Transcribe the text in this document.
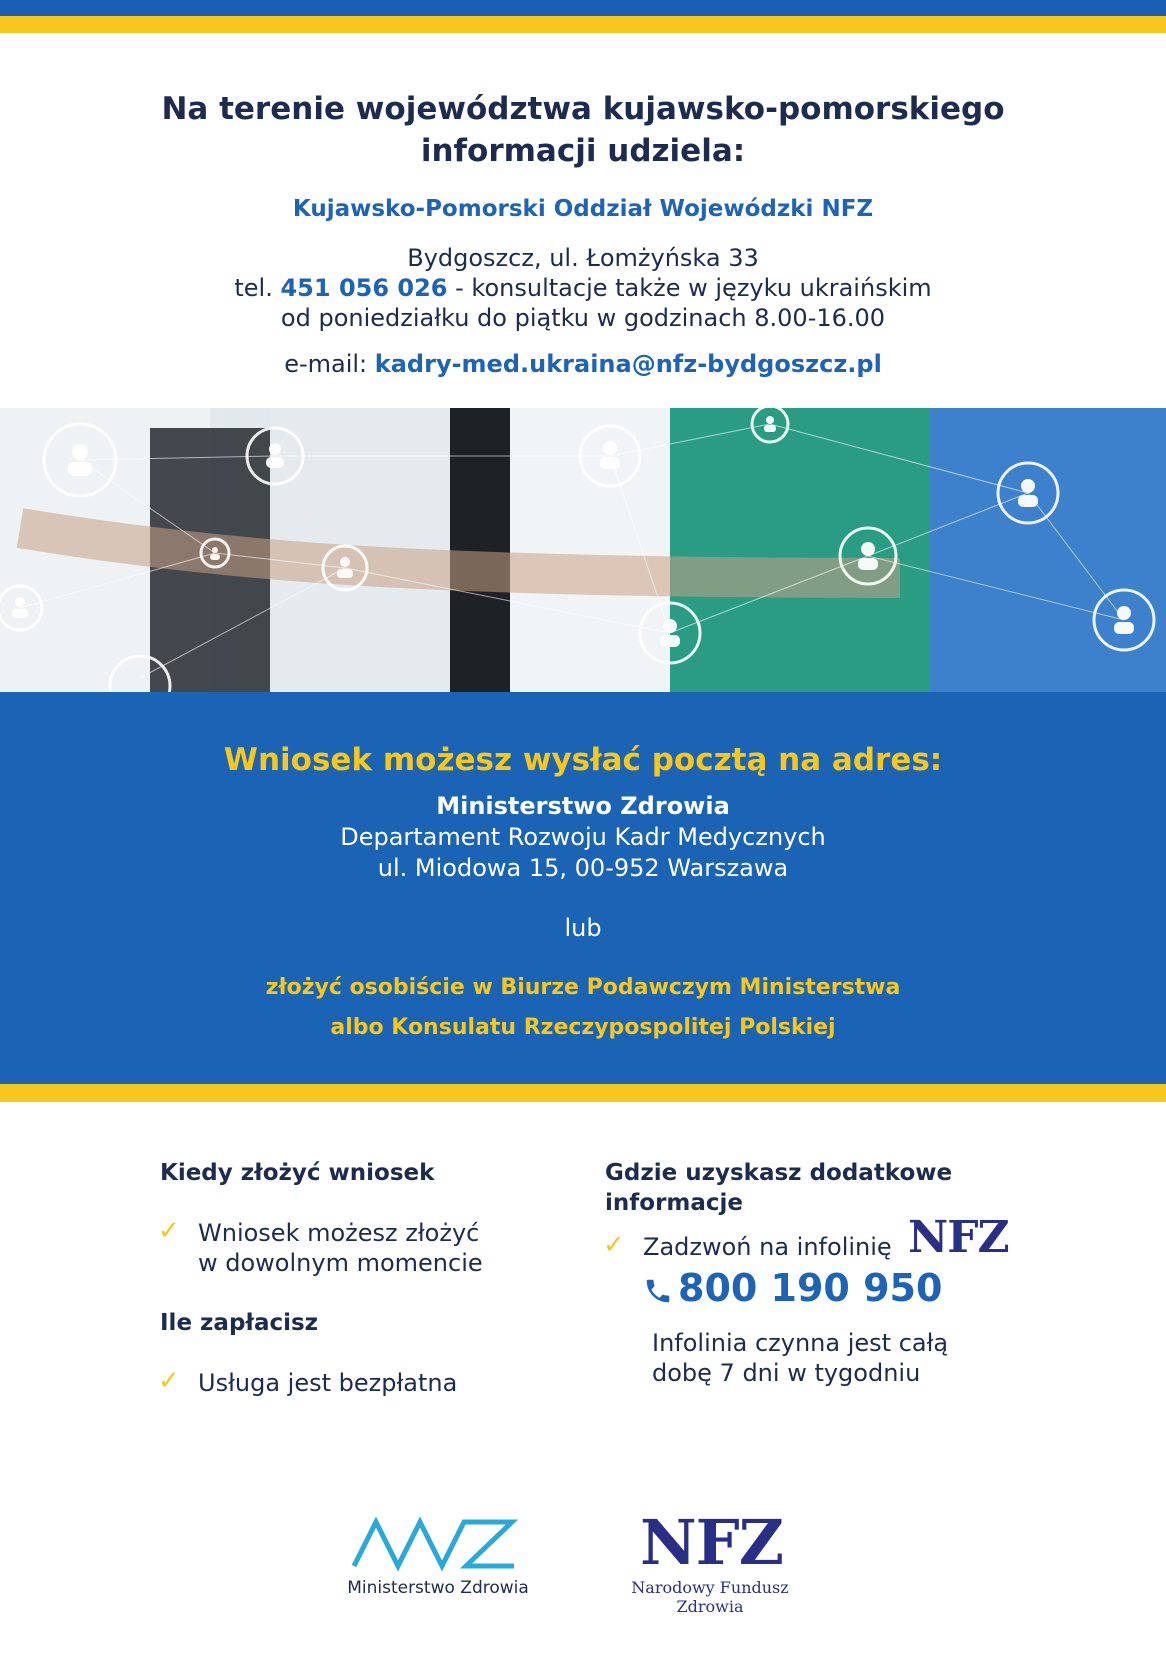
Na terenie województwa kujawsko-pomorskiego
informacji udziela:
Kujawsko-Pomorski Oddział Wojewódzki NFZ
Bydgoszcz, ul. Łomżyńska 33
tel. 451 056 026 - konsultacje także w języku ukraińskim
od poniedziałku do piątku w godzinach 8.00-16.00
e-mail: kadry-med.ukraina@nfz-bydgoszcz.pl
Wniosek możesz wysłać pocztą na adres:
Ministerstwo Zdrowia
Departament Rozwoju Kadr Medycznych
ul. Miodowa 15, 00-952 Warszawa
lub
złożyć osobiście w Biurze Podawczym Ministerstwa
albo Konsulatu Rzeczypospolitej Polskiej
Kiedy złożyć wniosek
✓ Wniosek możesz złożyć
w dowolnym momencie
Ile zapłacisz
✓ Usługa jest bezpłatna
Gdzie uzyskasz dodatkowe
informacje
✓ Zadzwoń na infolinię NFZ
800 190 950
Infolinia czynna jest całą
dobę 7 dni w tygodniu
Ministerstwo Zdrowia
NFZ
Narodowy Fundusz Zdrowia
